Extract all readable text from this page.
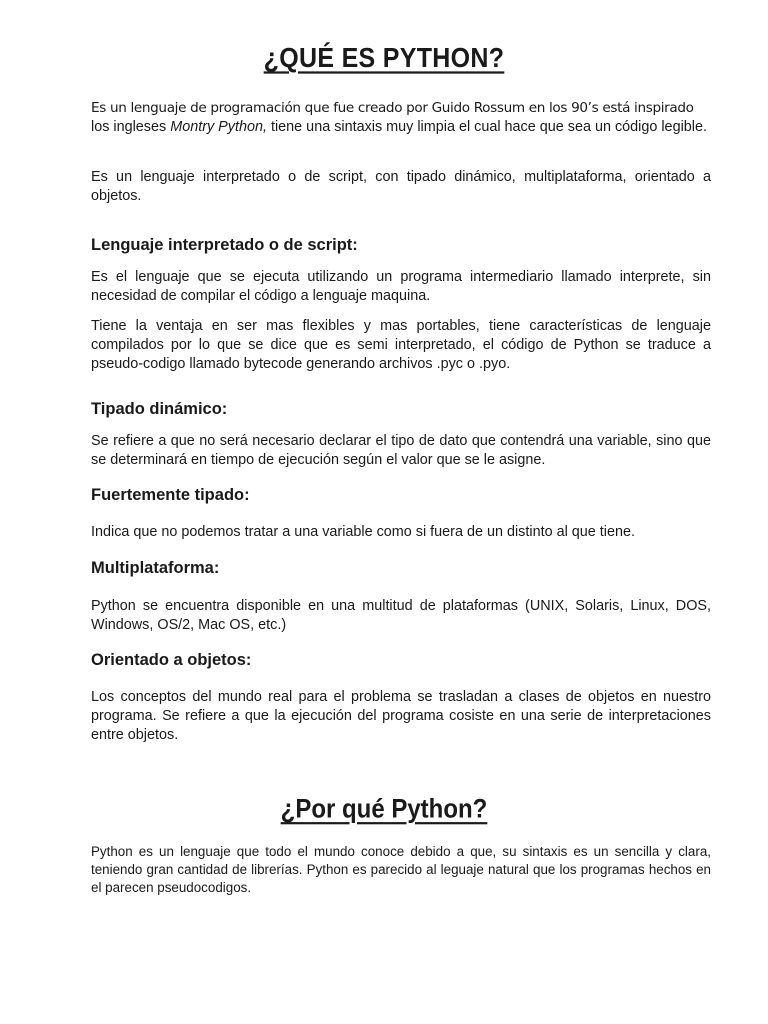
¿QUÉ ES PYTHON?
Es un lenguaje de programación que fue creado por Guido Rossum en los 90’s está inspirado
los ingleses Montry Python, tiene una sintaxis muy limpia el cual hace que sea un código legible.

Es un lenguaje interpretado o de script, con tipado dinámico, multiplataforma, orientado a objetos.

Lenguaje interpretado o de script:

Es el lenguaje que se ejecuta utilizando un programa intermediario llamado interprete, sin necesidad de compilar el código a lenguaje maquina.

Tiene la ventaja en ser mas flexibles y mas portables, tiene características de lenguaje compilados por lo que se dice que es semi interpretado, el código de Python se traduce a pseudo-codigo llamado bytecode generando archivos .pyc o .pyo.

Tipado dinámico:

Se refiere a que no será necesario declarar el tipo de dato que contendrá una variable, sino que se determinará en tiempo de ejecución según el valor que se le asigne.

Fuertemente tipado:

Indica que no podemos tratar a una variable como si fuera de un distinto al que tiene.

Multiplataforma:

Python se encuentra disponible en una multitud de plataformas (UNIX, Solaris, Linux, DOS, Windows, OS/2, Mac OS, etc.)

Orientado a objetos:

Los conceptos del mundo real para el problema se trasladan a clases de objetos en nuestro programa. Se refiere a que la ejecución del programa cosiste en una serie de interpretaciones entre objetos.

¿Por qué Python?

Python es un lenguaje que todo el mundo conoce debido a que, su sintaxis es un sencilla y clara, teniendo gran cantidad de librerías. Python es parecido al leguaje natural que los programas hechos en el parecen pseudocodigos.
